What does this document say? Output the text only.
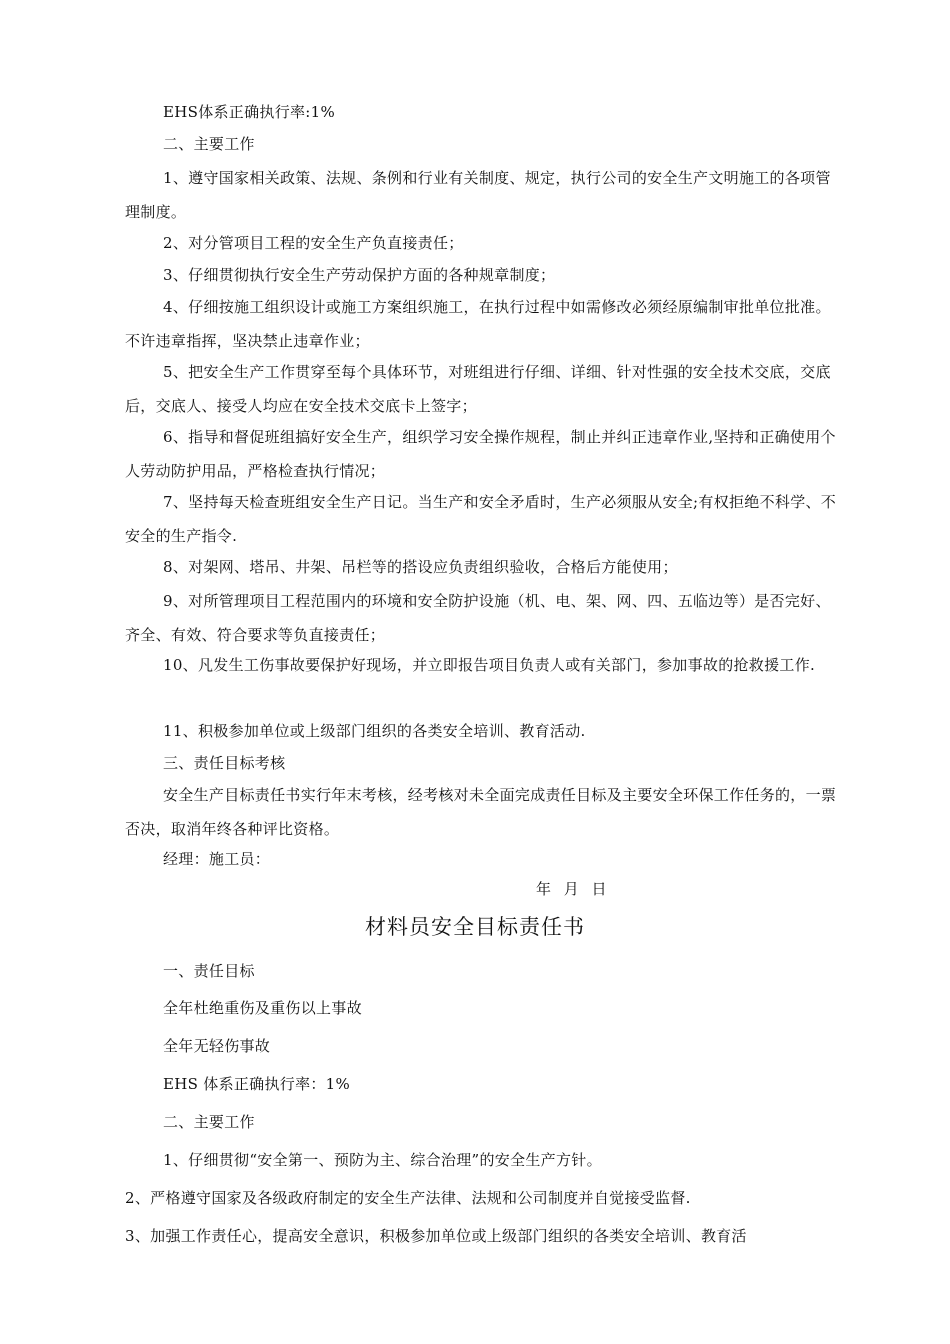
EHS体系正确执行率:1%

二、主要工作

1、遵守国家相关政策、法规、条例和行业有关制度、规定，执行公司的安全生产文明施工的各项管理制度。

2、对分管项目工程的安全生产负直接责任；

3、仔细贯彻执行安全生产劳动保护方面的各种规章制度；

4、仔细按施工组织设计或施工方案组织施工，在执行过程中如需修改必须经原编制审批单位批准。不许违章指挥，坚决禁止违章作业；

5、把安全生产工作贯穿至每个具体环节，对班组进行仔细、详细、针对性强的安全技术交底，交底后，交底人、接受人均应在安全技术交底卡上签字；

6、指导和督促班组搞好安全生产，组织学习安全操作规程，制止并纠正违章作业,坚持和正确使用个人劳动防护用品，严格检查执行情况；

7、坚持每天检查班组安全生产日记。当生产和安全矛盾时，生产必须服从安全;有权拒绝不科学、不安全的生产指令.

8、对架网、塔吊、井架、吊栏等的搭设应负责组织验收，合格后方能使用；

9、对所管理项目工程范围内的环境和安全防护设施（机、电、架、网、四、五临边等）是否完好、齐全、有效、符合要求等负直接责任；

10、凡发生工伤事故要保护好现场，并立即报告项目负责人或有关部门，参加事故的抢救援工作.

11、积极参加单位或上级部门组织的各类安全培训、教育活动.

三、责任目标考核

安全生产目标责任书实行年末考核，经考核对未全面完成责任目标及主要安全环保工作任务的，一票否决，取消年终各种评比资格。

经理：施工员：

年 月 日

材料员安全目标责任书

一、责任目标

全年杜绝重伤及重伤以上事故

全年无轻伤事故

EHS 体系正确执行率：1%

二、主要工作

1、仔细贯彻“安全第一、预防为主、综合治理”的安全生产方针。

2、严格遵守国家及各级政府制定的安全生产法律、法规和公司制度并自觉接受监督.

3、加强工作责任心，提高安全意识，积极参加单位或上级部门组织的各类安全培训、教育活
